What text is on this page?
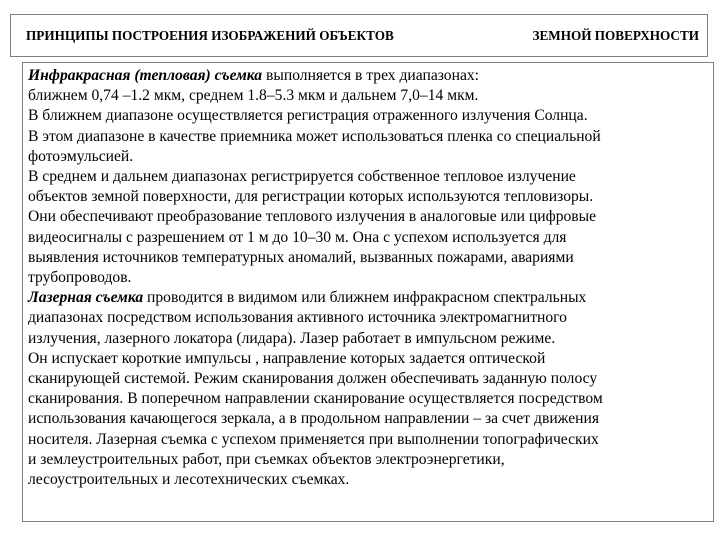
ПРИНЦИПЫ ПОСТРОЕНИЯ ИЗОБРАЖЕНИЙ ОБЪЕКТОВ	ЗЕМНОЙ ПОВЕРХНОСТИ
Инфракрасная (тепловая) съемка выполняется в трех диапазонах:
ближнем 0,74 –1.2 мкм, среднем 1.8–5.3 мкм и дальнем 7,0–14 мкм.
В ближнем диапазоне осуществляется регистрация отраженного излучения Солнца.
В этом диапазоне в качестве приемника может использоваться пленка со специальной
фотоэмульсией.
В среднем и дальнем диапазонах регистрируется собственное тепловое излучение
объектов земной поверхности, для регистрации которых используются тепловизоры.
Они обеспечивают преобразование теплового излучения в аналоговые или цифровые
видеосигналы с разрешением от 1 м до 10–30 м. Она с успехом используется для
выявления источников температурных аномалий, вызванных пожарами, авариями
трубопроводов.
Лазерная съемка проводится в видимом или ближнем инфракрасном спектральных
диапазонах посредством использования активного источника электромагнитного
излучения, лазерного локатора (лидара). Лазер работает в импульсном режиме.
Он испускает короткие импульсы , направление которых задается оптической
сканирующей системой. Режим сканирования должен обеспечивать заданную полосу
сканирования. В поперечном направлении сканирование осуществляется посредством
использования качающегося зеркала, а в продольном направлении – за счет движения
носителя. Лазерная съемка с успехом применяется при выполнении топографических
и землеустроительных работ, при съемках объектов электроэнергетики,
лесоустроительных и лесотехнических съемках.
